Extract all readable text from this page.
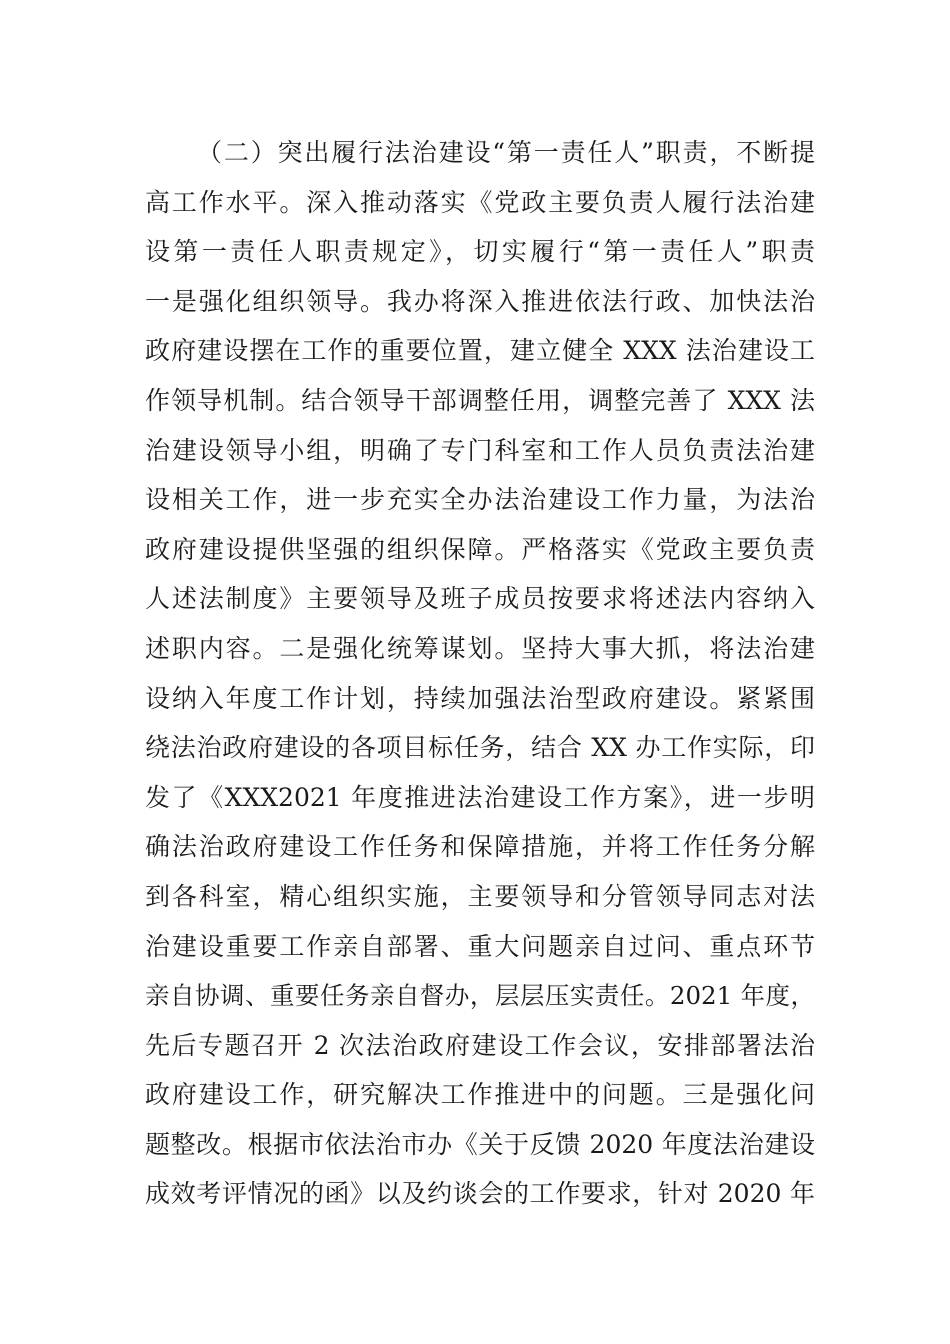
（二）突出履行法治建设“第一责任人”职责，不断提
高工作水平。深入推动落实《党政主要负责人履行法治建
设第一责任人职责规定》，切实履行“第一责任人”职责
一是强化组织领导。我办将深入推进依法行政、加快法治
政府建设摆在工作的重要位置，建立健全 XXX 法治建设工
作领导机制。结合领导干部调整任用，调整完善了 XXX 法
治建设领导小组，明确了专门科室和工作人员负责法治建
设相关工作，进一步充实全办法治建设工作力量，为法治
政府建设提供坚强的组织保障。严格落实《党政主要负责
人述法制度》主要领导及班子成员按要求将述法内容纳入
述职内容。二是强化统筹谋划。坚持大事大抓，将法治建
设纳入年度工作计划，持续加强法治型政府建设。紧紧围
绕法治政府建设的各项目标任务，结合 XX 办工作实际，印
发了《XXX2021 年度推进法治建设工作方案》，进一步明
确法治政府建设工作任务和保障措施，并将工作任务分解
到各科室，精心组织实施，主要领导和分管领导同志对法
治建设重要工作亲自部署、重大问题亲自过问、重点环节
亲自协调、重要任务亲自督办，层层压实责任。2021 年度，
先后专题召开 2 次法治政府建设工作会议，安排部署法治
政府建设工作，研究解决工作推进中的问题。三是强化问
题整改。根据市依法治市办《关于反馈 2020 年度法治建设
成效考评情况的函》以及约谈会的工作要求，针对 2020 年
